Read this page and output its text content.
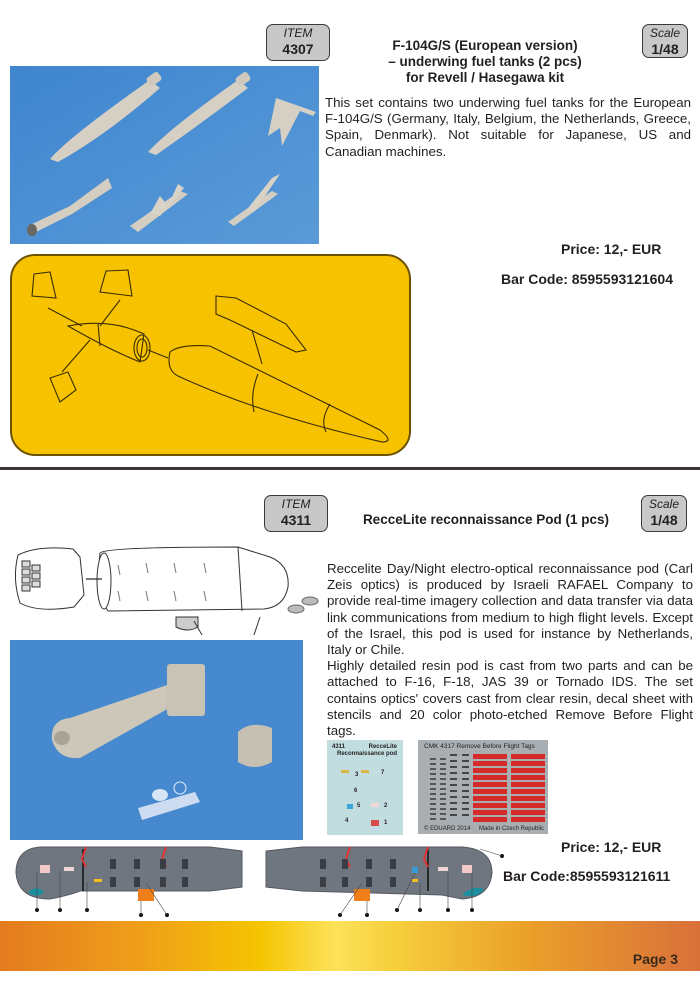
ITEM
4307	F-104G/S (European version)
– underwing fuel tanks (2 pcs)
for Revell / Hasegawa kit
Scale
1/48
This set contains two underwing fuel tanks for the European F-104G/S (Germany, Italy, Belgium, the Netherlands, Greece, Spain, Denmark). Not suitable for Japanese, US and Canadian machines.
Price: 12,- EUR
Bar Code: 8595593121604
ITEM
4311	RecceLite reconnaissance Pod (1 pcs)
Scale
1/48

Reccelite Day/Night electro-optical reconnaissance pod (Carl Zeis optics) is produced by Israeli RAFAEL Company to provide real-time imagery collection and data transfer via data link communications from medium to high flight levels. Except of the Israel, this pod is used for instance by Netherlands, Italy or Chile.

Highly detailed resin pod is cast from two parts and can be attached to F-16, F-18, JAS 39 or Tornado IDS. The set contains optics' covers cast from clear resin, decal sheet with stencils and 20 color photo-etched Remove Before Flight tags.

4311	RecceLite
Reconnaissance pod
3	7
6
5	2
4	1
CMK 4317 Remove Before Flight Tags
© EDUARD 2014 Made in Czech Republic
Price: 12,- EUR
Bar Code:8595593121611
Page 3
